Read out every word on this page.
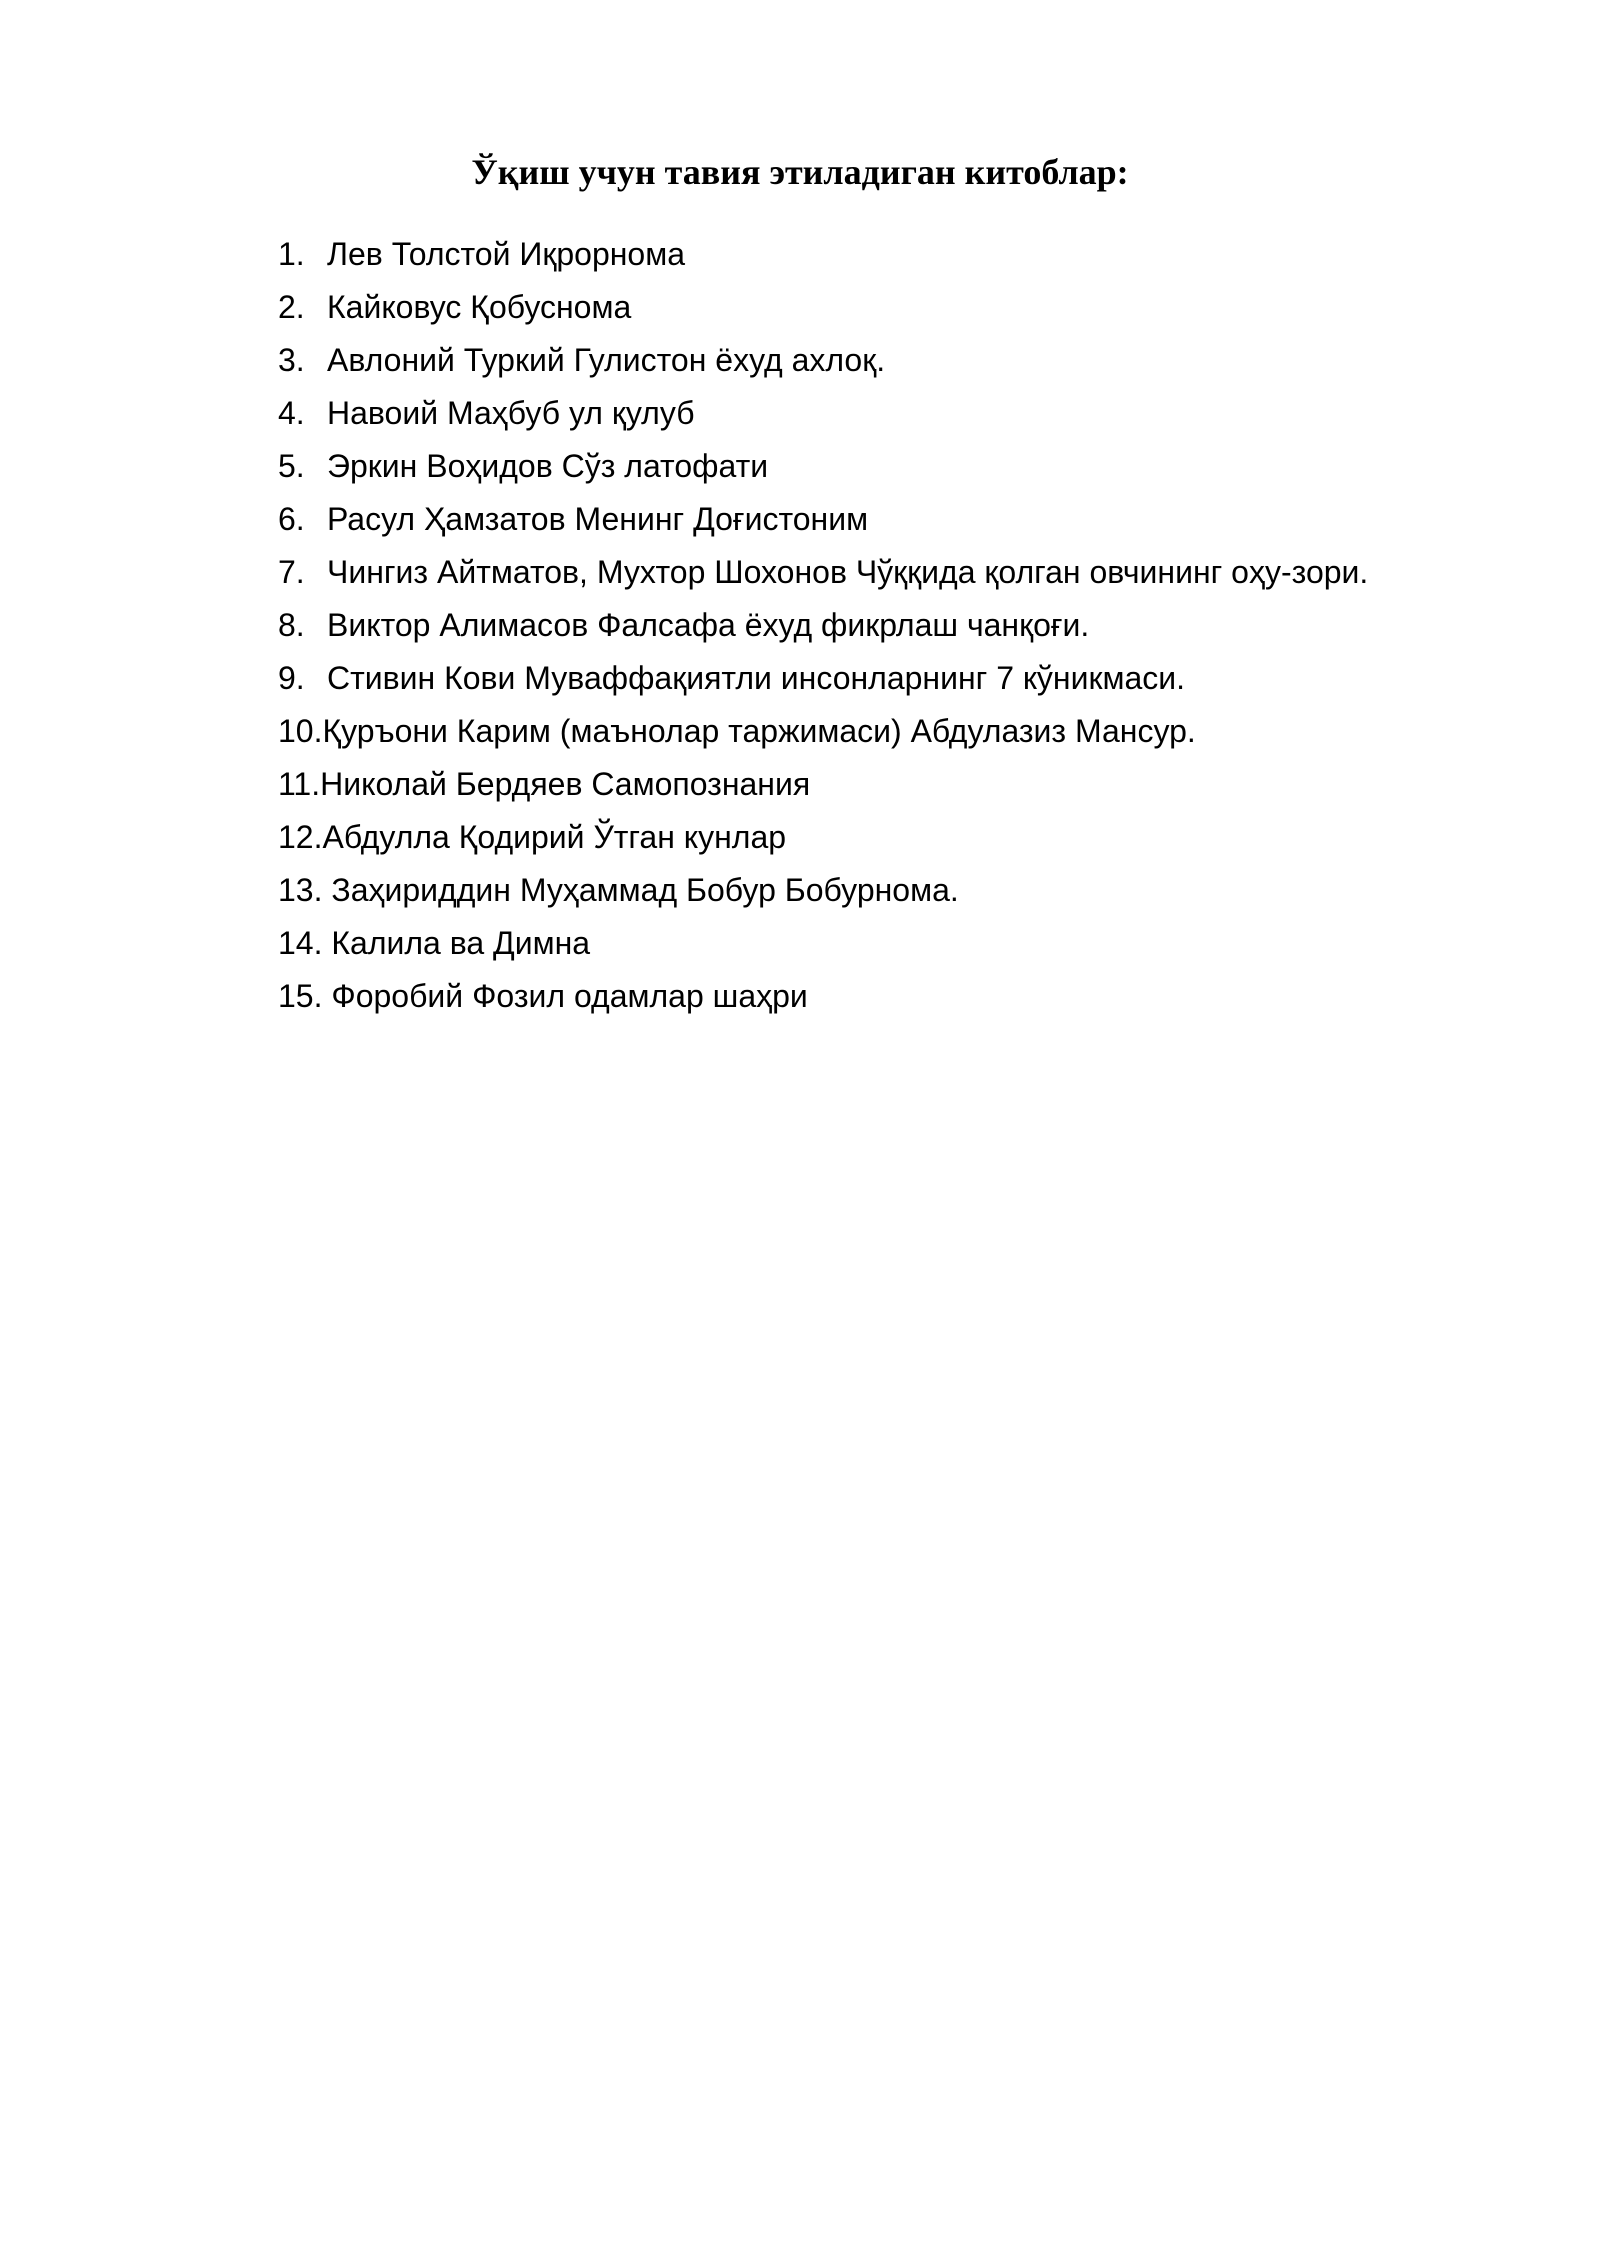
Ўқиш учун тавия этиладиган китоблар:
1. Лев Толстой Иқрорнома
2. Кайковус Қобуснома
3. Авлоний Туркий Гулистон ёхуд ахлоқ.
4. Навоий Маҳбуб ул қулуб
5. Эркин Воҳидов Сўз латофати
6. Расул Ҳамзатов Менинг Доғистоним
7. Чингиз Айтматов, Мухтор Шохонов Чўққида қолган овчининг оҳу-зори.
8. Виктор Алимасов Фалсафа ёхуд фикрлаш чанқоғи.
9. Стивин Кови Муваффақиятли инсонларнинг 7 кўникмаси.
10. Қуръони Карим (маънолар таржимаси) Абдулазиз Мансур.
11. Николай Бердяев Самопознания
12. Абдулла Қодирий Ўтган кунлар
13. Заҳириддин Муҳаммад Бобур Бобурнома.
14. Калила ва Димна
15. Форобий Фозил одамлар шаҳри
